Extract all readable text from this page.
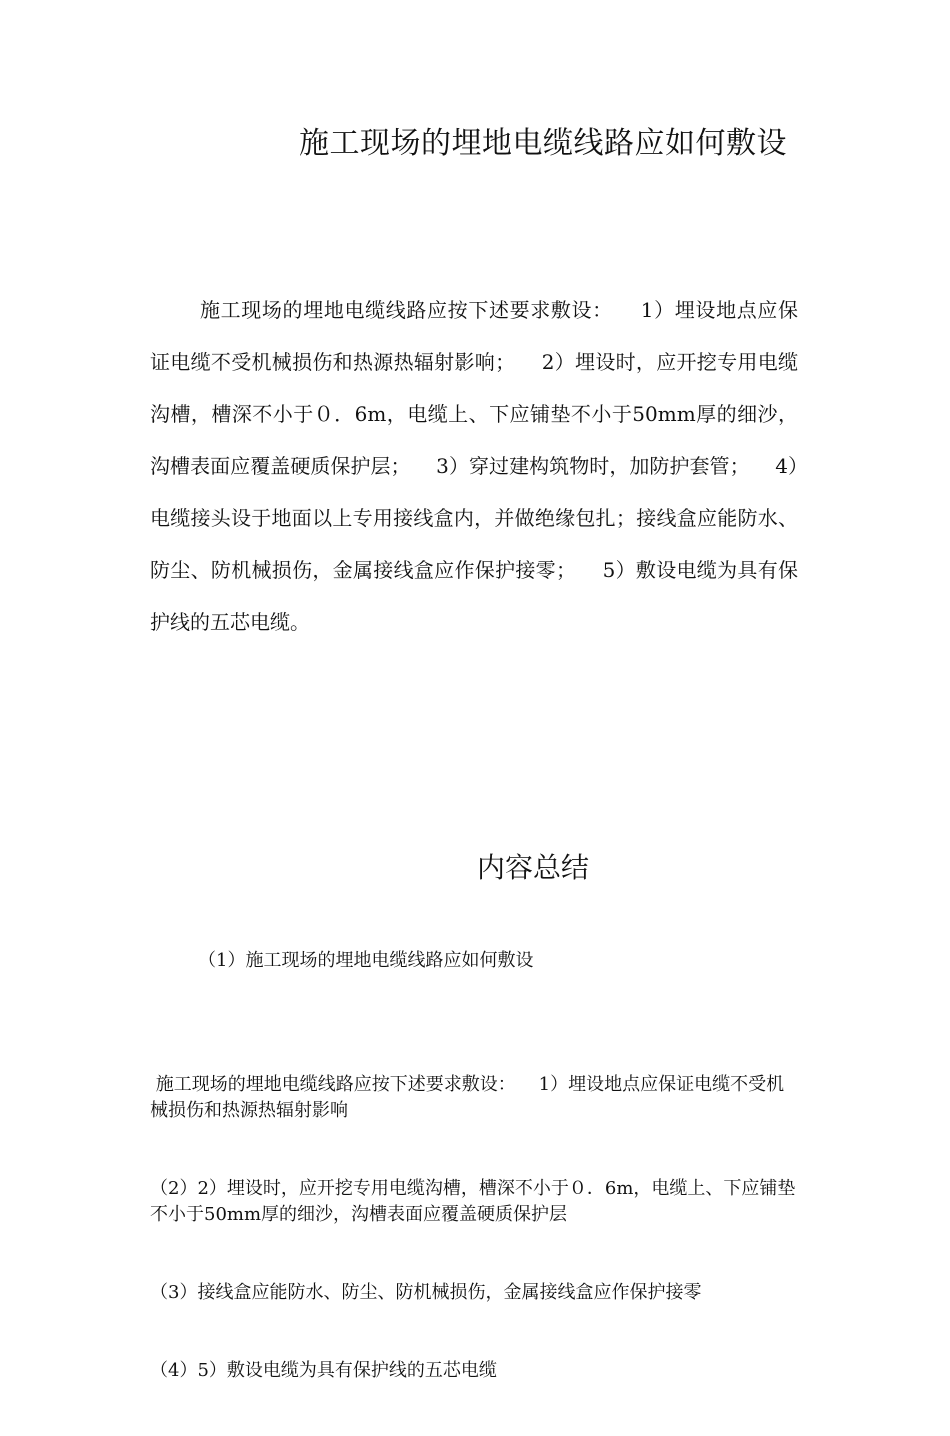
施工现场的埋地电缆线路应如何敷设
施工现场的埋地电缆线路应按下述要求敷设：    1）埋设地点应保证电缆不受机械损伤和热源热辐射影响；    2）埋设时，应开挖专用电缆沟槽，槽深不小于０．6m，电缆上、下应铺垫不小于50mm厚的细沙，沟槽表面应覆盖硬质保护层；    3）穿过建构筑物时，加防护套管；    4）电缆接头设于地面以上专用接线盒内，并做绝缘包扎；接线盒应能防水、防尘、防机械损伤，金属接线盒应作保护接零；    5）敷设电缆为具有保护线的五芯电缆。
内容总结
（1）施工现场的埋地电缆线路应如何敷设

施工现场的埋地电缆线路应按下述要求敷设：    1）埋设地点应保证电缆不受机械损伤和热源热辐射影响

（2）2）埋设时，应开挖专用电缆沟槽，槽深不小于０．6m，电缆上、下应铺垫不小于50mm厚的细沙，沟槽表面应覆盖硬质保护层

（3）接线盒应能防水、防尘、防机械损伤，金属接线盒应作保护接零

（4）5）敷设电缆为具有保护线的五芯电缆
